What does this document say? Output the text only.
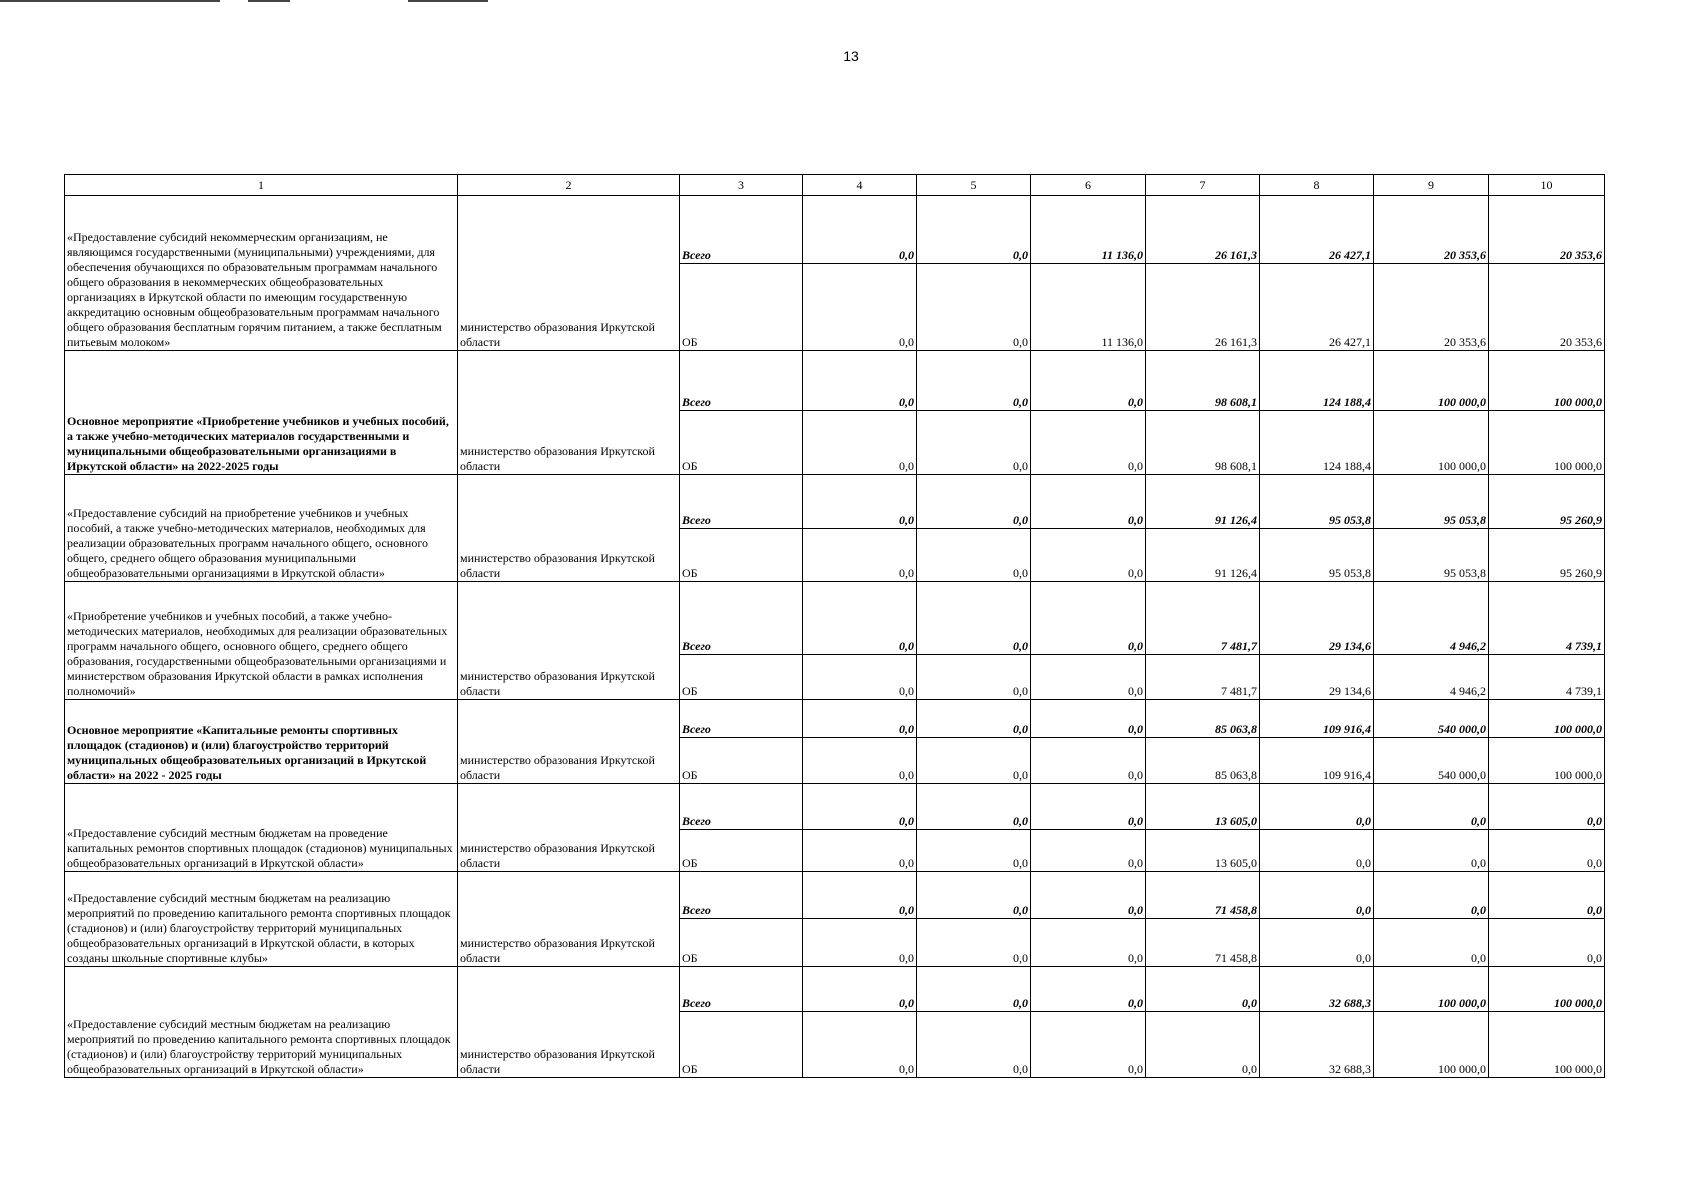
13
1	2	3	4	5	6	7	8	9	10
«Предоставление субсидий некоммерческим организациям, не являющимся государственными (муниципальными) учреждениями, для обеспечения обучающихся по образовательным программам начального общего образования в некоммерческих общеобразовательных организациях в Иркутской области по имеющим государственную аккредитацию основным общеобразовательным программам начального общего образования бесплатным горячим питанием, а также бесплатным питьевым молоком»	министерство образования Иркутской области	Всего	0,0	0,0	11 136,0	26 161,3	26 427,1	20 353,6	20 353,6
		ОБ	0,0	0,0	11 136,0	26 161,3	26 427,1	20 353,6	20 353,6
Основное мероприятие «Приобретение учебников и учебных пособий, а также учебно-методических материалов государственными и муниципальными общеобразовательными организациями в Иркутской области» на 2022-2025 годы	министерство образования Иркутской области	Всего	0,0	0,0	0,0	98 608,1	124 188,4	100 000,0	100 000,0
		ОБ	0,0	0,0	0,0	98 608,1	124 188,4	100 000,0	100 000,0
«Предоставление субсидий на приобретение учебников и учебных пособий, а также учебно-методических материалов, необходимых для реализации образовательных программ начального общего, основного общего, среднего общего образования муниципальными общеобразовательными организациями в Иркутской области»	министерство образования Иркутской области	Всего	0,0	0,0	0,0	91 126,4	95 053,8	95 053,8	95 260,9
		ОБ	0,0	0,0	0,0	91 126,4	95 053,8	95 053,8	95 260,9
«Приобретение учебников и учебных пособий, а также учебно-методических материалов, необходимых для реализации образовательных программ начального общего, основного общего, среднего общего образования, государственными общеобразовательными организациями и министерством образования Иркутской области в рамках исполнения полномочий»	министерство образования Иркутской области	Всего	0,0	0,0	0,0	7 481,7	29 134,6	4 946,2	4 739,1
		ОБ	0,0	0,0	0,0	7 481,7	29 134,6	4 946,2	4 739,1
Основное мероприятие «Капитальные ремонты спортивных площадок (стадионов) и (или) благоустройство территорий муниципальных общеобразовательных организаций в Иркутской области» на 2022 - 2025 годы	министерство образования Иркутской области	Всего	0,0	0,0	0,0	85 063,8	109 916,4	540 000,0	100 000,0
		ОБ	0,0	0,0	0,0	85 063,8	109 916,4	540 000,0	100 000,0
«Предоставление субсидий местным бюджетам на проведение капитальных ремонтов спортивных площадок (стадионов) муниципальных общеобразовательных организаций в Иркутской области»	министерство образования Иркутской области	Всего	0,0	0,0	0,0	13 605,0	0,0	0,0	0,0
		ОБ	0,0	0,0	0,0	13 605,0	0,0	0,0	0,0
«Предоставление субсидий местным бюджетам на реализацию мероприятий по проведению капитального ремонта спортивных площадок (стадионов) и (или) благоустройству территорий муниципальных общеобразовательных организаций в Иркутской области, в которых созданы школьные спортивные клубы»	министерство образования Иркутской области	Всего	0,0	0,0	0,0	71 458,8	0,0	0,0	0,0
		ОБ	0,0	0,0	0,0	71 458,8	0,0	0,0	0,0
«Предоставление субсидий местным бюджетам на реализацию мероприятий по проведению капитального ремонта спортивных площадок (стадионов) и (или) благоустройству территорий муниципальных общеобразовательных организаций в Иркутской области»	министерство образования Иркутской области	Всего	0,0	0,0	0,0	0,0	32 688,3	100 000,0	100 000,0
		ОБ	0,0	0,0	0,0	0,0	32 688,3	100 000,0	100 000,0
